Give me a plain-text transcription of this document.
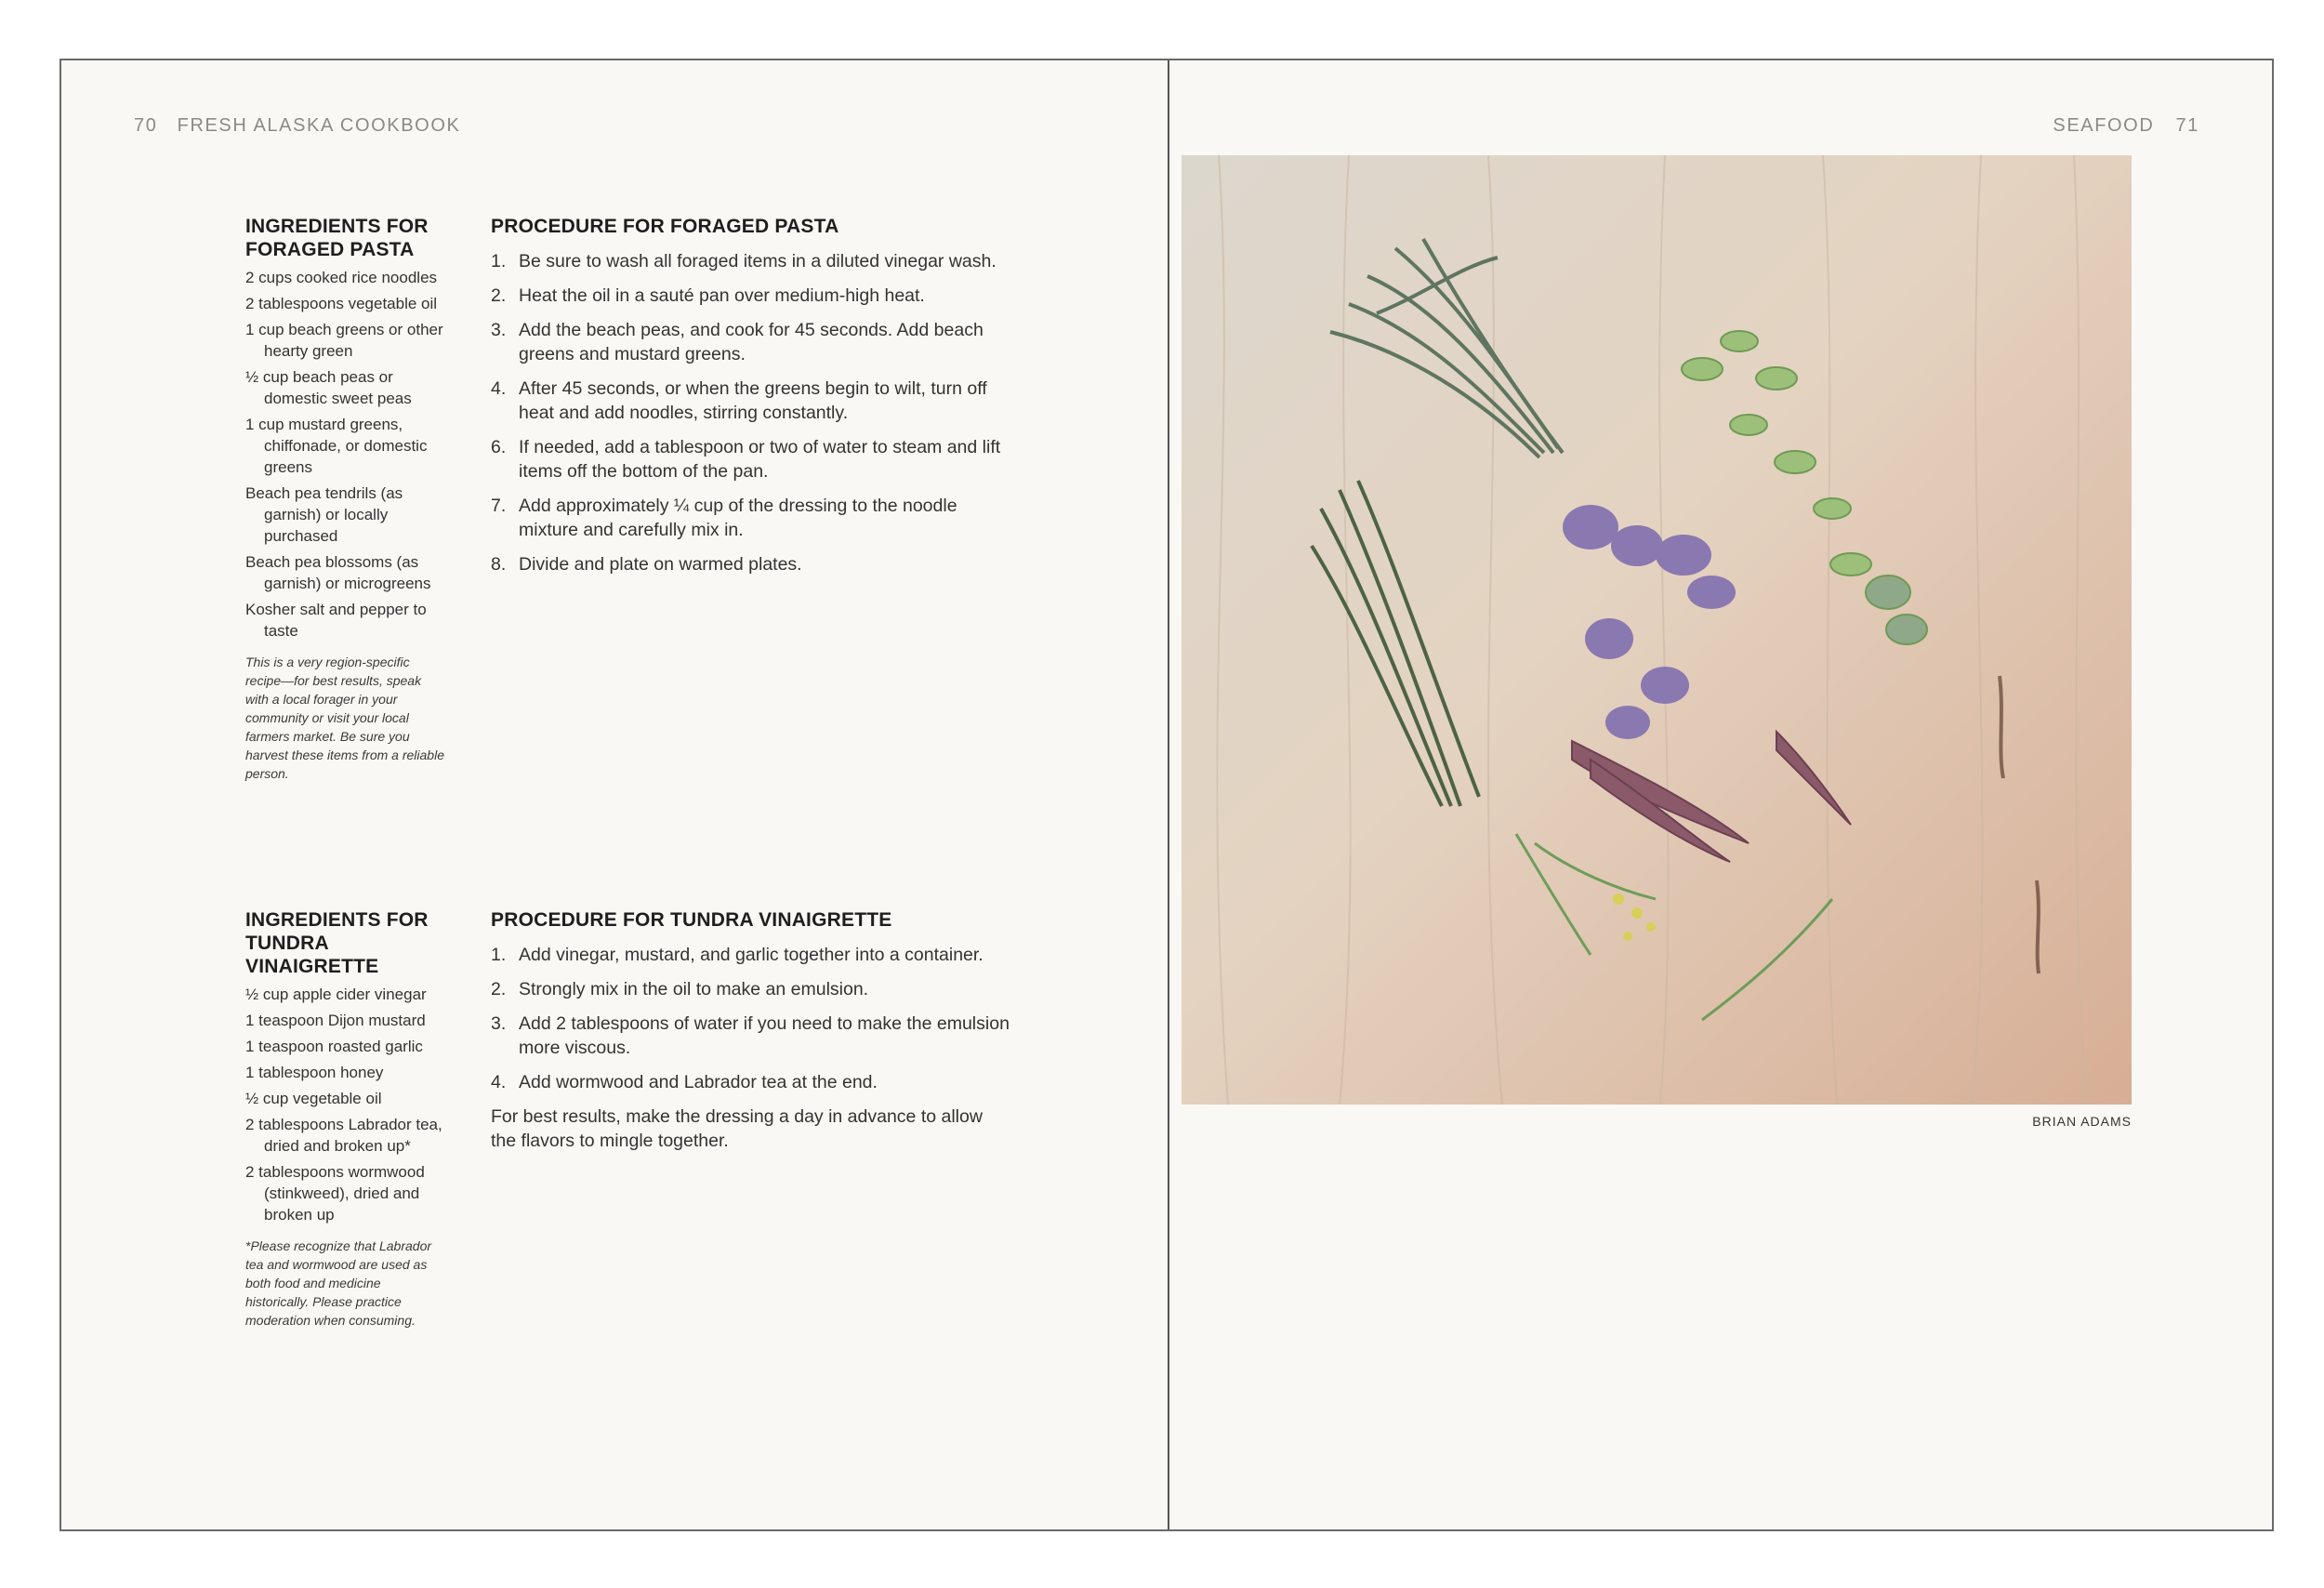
70 FRESH ALASKA COOKBOOK	SEAFOOD 71
INGREDIENTS FOR FORAGED PASTA
2 cups cooked rice noodles
2 tablespoons vegetable oil
1 cup beach greens or other hearty green
½ cup beach peas or domestic sweet peas
1 cup mustard greens, chiffonade, or domestic greens
Beach pea tendrils (as garnish) or locally purchased
Beach pea blossoms (as garnish) or microgreens
Kosher salt and pepper to taste

This is a very region-specific recipe—for best results, speak with a local forager in your community or visit your local farmers market. Be sure you harvest these items from a reliable person.

PROCEDURE FOR FORAGED PASTA
1. Be sure to wash all foraged items in a diluted vinegar wash.
2. Heat the oil in a sauté pan over medium-high heat.
3. Add the beach peas, and cook for 45 seconds. Add beach greens and mustard greens.
4. After 45 seconds, or when the greens begin to wilt, turn off heat and add noodles, stirring constantly.
6. If needed, add a tablespoon or two of water to steam and lift items off the bottom of the pan.
7. Add approximately ¼ cup of the dressing to the noodle mixture and carefully mix in.
8. Divide and plate on warmed plates.
INGREDIENTS FOR TUNDRA VINAIGRETTE
½ cup apple cider vinegar
1 teaspoon Dijon mustard
1 teaspoon roasted garlic
1 tablespoon honey
½ cup vegetable oil
2 tablespoons Labrador tea, dried and broken up*
2 tablespoons wormwood (stinkweed), dried and broken up

*Please recognize that Labrador tea and wormwood are used as both food and medicine historically. Please practice moderation when consuming.

PROCEDURE FOR TUNDRA VINAIGRETTE
1. Add vinegar, mustard, and garlic together into a container.
2. Strongly mix in the oil to make an emulsion.
3. Add 2 tablespoons of water if you need to make the emulsion more viscous.
4. Add wormwood and Labrador tea at the end.

For best results, make the dressing a day in advance to allow the flavors to mingle together.

BRIAN ADAMS
